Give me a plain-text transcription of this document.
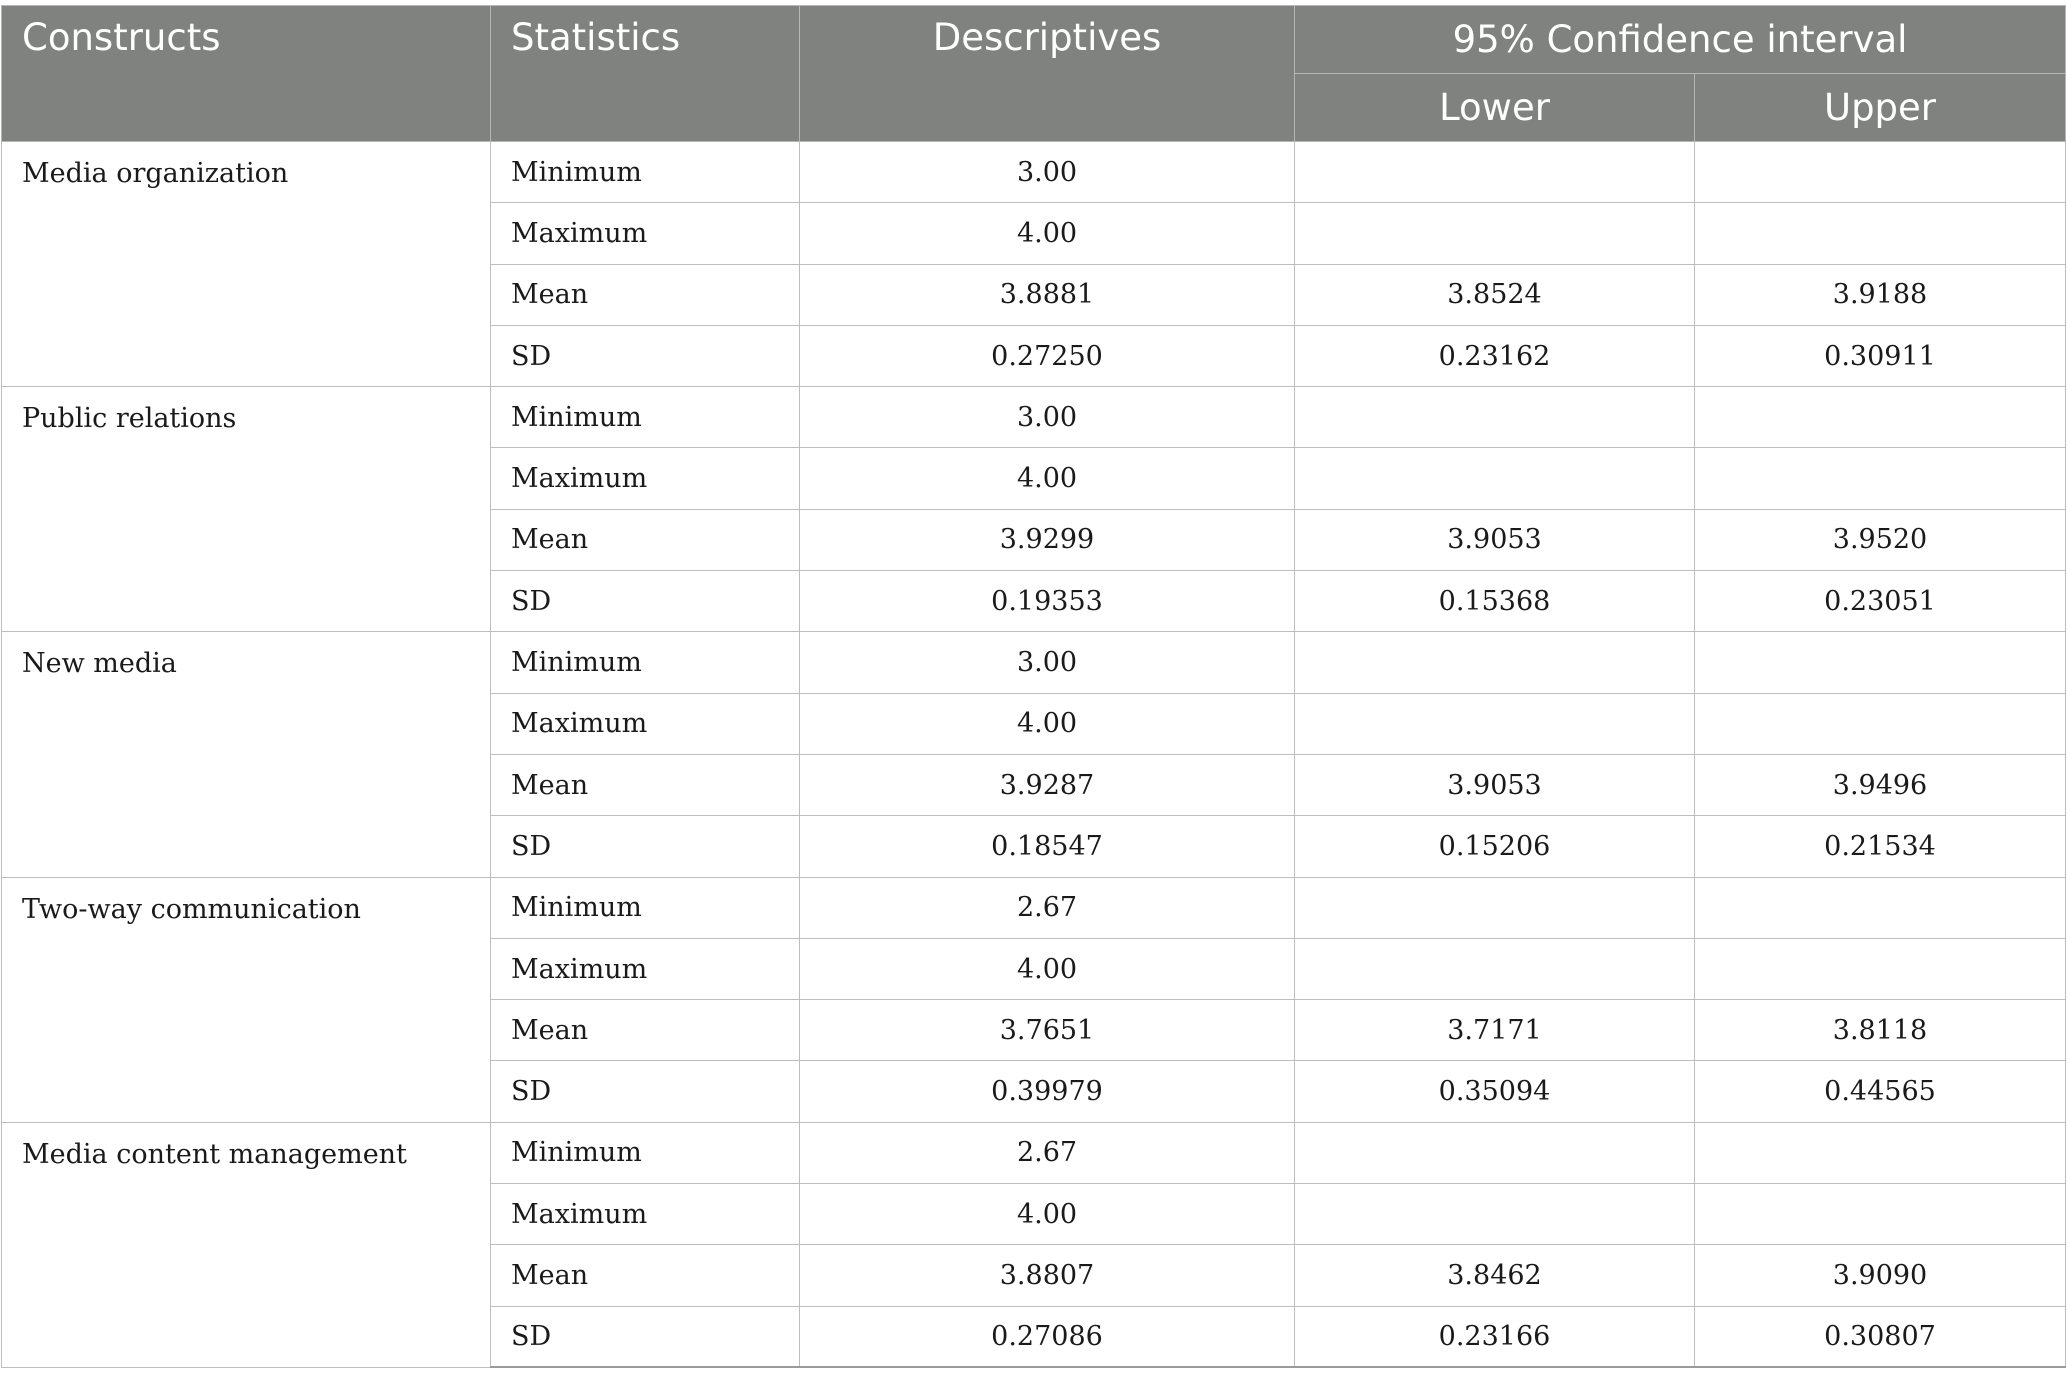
Constructs	Statistics	Descriptives	95% Confidence interval	
			Lower	Upper
Media organization	Minimum	3.00		
	Maximum	4.00		
	Mean	3.8881	3.8524	3.9188
	SD	0.27250	0.23162	0.30911
Public relations	Minimum	3.00		
	Maximum	4.00		
	Mean	3.9299	3.9053	3.9520
	SD	0.19353	0.15368	0.23051
New media	Minimum	3.00		
	Maximum	4.00		
	Mean	3.9287	3.9053	3.9496
	SD	0.18547	0.15206	0.21534
Two-way communication	Minimum	2.67		
	Maximum	4.00		
	Mean	3.7651	3.7171	3.8118
	SD	0.39979	0.35094	0.44565
Media content management	Minimum	2.67		
	Maximum	4.00		
	Mean	3.8807	3.8462	3.9090
	SD	0.27086	0.23166	0.30807
